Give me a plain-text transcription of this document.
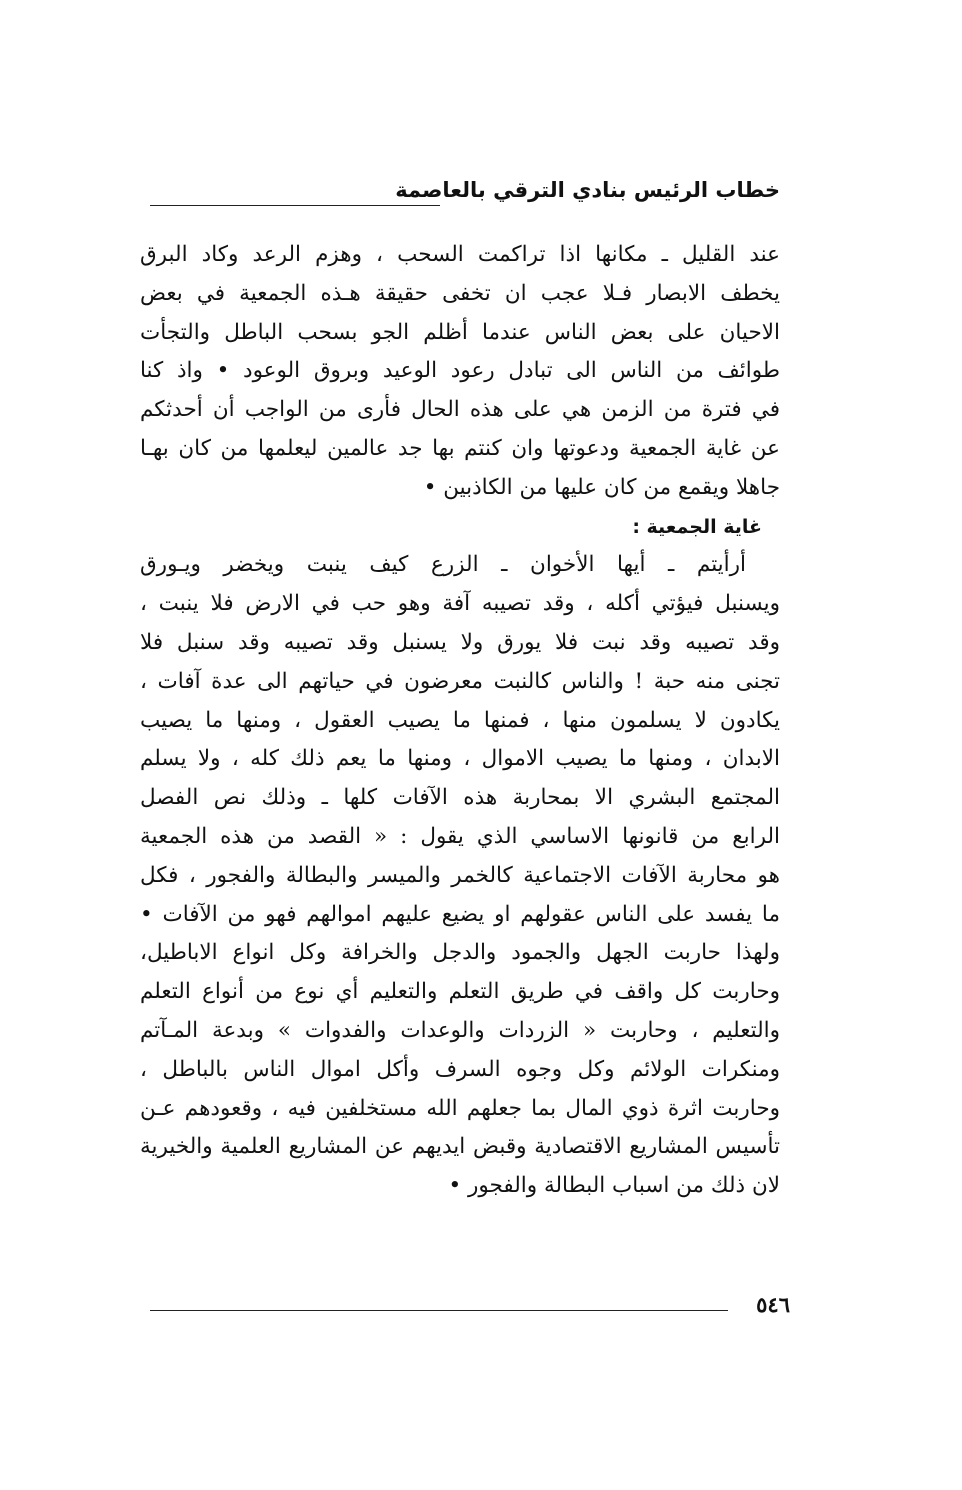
خطاب الرئيس بنادي الترقي بالعاصمة
عند القليل ـ مكانها اذا تراكمت السحب ، وهزم الرعد وكاد البرق
يخطف الابصار فـلا عجب ان تخفى حقيقة هـذه الجمعية في بعض
الاحيان على بعض الناس عندما أظلم الجو بسحب الباطل والتجأت
طوائف من الناس الى تبادل رعود الوعيد وبروق الوعود • واذ كنا
في فترة من الزمن هي على هذه الحال فأرى من الواجب أن أحدثكم
عن غاية الجمعية ودعوتها وان كنتم بها جد عالمين ليعلمها من كان بهـا
جاهلا ويقمع من كان عليها من الكاذبين •
غاية الجمعية :
أرأيتم ـ أيها الأخوان ـ الزرع كيف ينبت ويخضر ويـورق
ويسنبل فيؤتي أكله ، وقد تصيبه آفة وهو حب في الارض فلا ينبت ،
وقد تصيبه وقد نبت فلا يورق ولا يسنبل وقد تصيبه وقد سنبل فلا
تجنى منه حبة ! والناس كالنبت معرضون في حياتهم الى عدة آفات ،
يكادون لا يسلمون منها ، فمنها ما يصيب العقول ، ومنها ما يصيب
الابدان ، ومنها ما يصيب الاموال ، ومنها ما يعم ذلك كله ، ولا يسلم
المجتمع البشري الا بمحاربة هذه الآفات كلها ـ وذلك نص الفصل
الرابع من قانونها الاساسي الذي يقول : « القصد من هذه الجمعية
هو محاربة الآفات الاجتماعية كالخمر والميسر والبطالة والفجور ، فكل
ما يفسد على الناس عقولهم او يضيع عليهم اموالهم فهو من الآفات •
ولهذا حاربت الجهل والجمود والدجل والخرافة وكل انواع الاباطيل،
وحاربت كل واقف في طريق التعلم والتعليم أي نوع من أنواع التعلم
والتعليم ، وحاربت « الزردات والوعدات والفدوات » وبدعة المـآتم
ومنكرات الولائم وكل وجوه السرف وأكل اموال الناس بالباطل ،
وحاربت اثرة ذوي المال بما جعلهم الله مستخلفين فيه ، وقعودهم عـن
تأسيس المشاريع الاقتصادية وقبض ايديهم عن المشاريع العلمية والخيرية
لان ذلك من اسباب البطالة والفجور •
٥٤٦
